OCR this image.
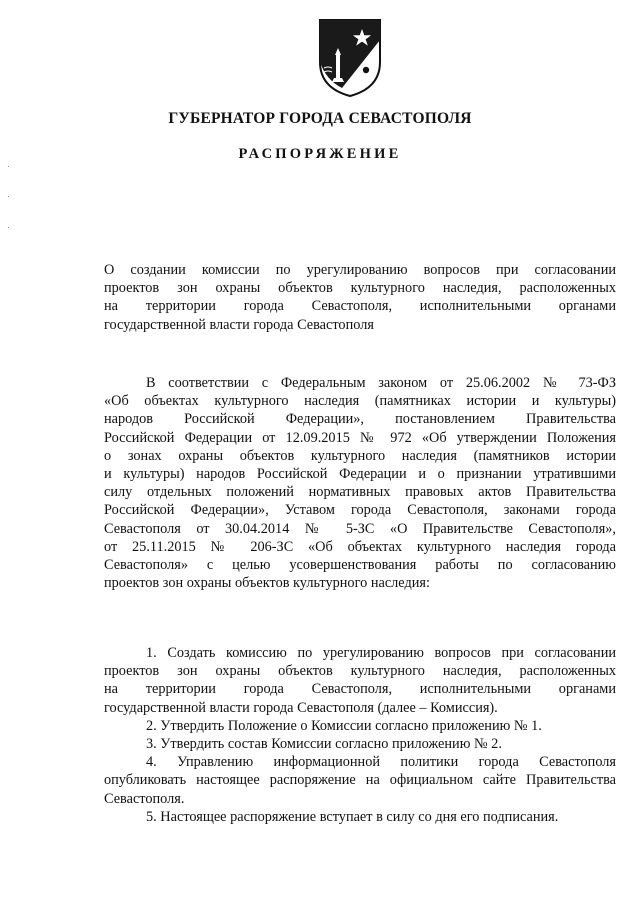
ГУБЕРНАТОР ГОРОДА СЕВАСТОПОЛЯ
РАСПОРЯЖЕНИЕ
О создании комиссии по урегулированию вопросов при согласовании
проектов зон охраны объектов культурного наследия, расположенных
на территории города Севастополя, исполнительными органами
государственной власти города Севастополя
В соответствии с Федеральным законом от 25.06.2002 № 73-ФЗ
«Об объектах культурного наследия (памятниках истории и культуры)
народов Российской Федерации», постановлением Правительства
Российской Федерации от 12.09.2015 № 972 «Об утверждении Положения
о зонах охраны объектов культурного наследия (памятников истории
и культуры) народов Российской Федерации и о признании утратившими
силу отдельных положений нормативных правовых актов Правительства
Российской Федерации», Уставом города Севастополя, законами города
Севастополя от 30.04.2014 № 5-ЗС «О Правительстве Севастополя»,
от 25.11.2015 № 206-ЗС «Об объектах культурного наследия города
Севастополя» с целью усовершенствования работы по согласованию
проектов зон охраны объектов культурного наследия:
1. Создать комиссию по урегулированию вопросов при согласовании
проектов зон охраны объектов культурного наследия, расположенных
на территории города Севастополя, исполнительными органами
государственной власти города Севастополя (далее – Комиссия).
2. Утвердить Положение о Комиссии согласно приложению № 1.
3. Утвердить состав Комиссии согласно приложению № 2.
4. Управлению информационной политики города Севастополя
опубликовать настоящее распоряжение на официальном сайте Правительства
Севастополя.
5. Настоящее распоряжение вступает в силу со дня его подписания.
